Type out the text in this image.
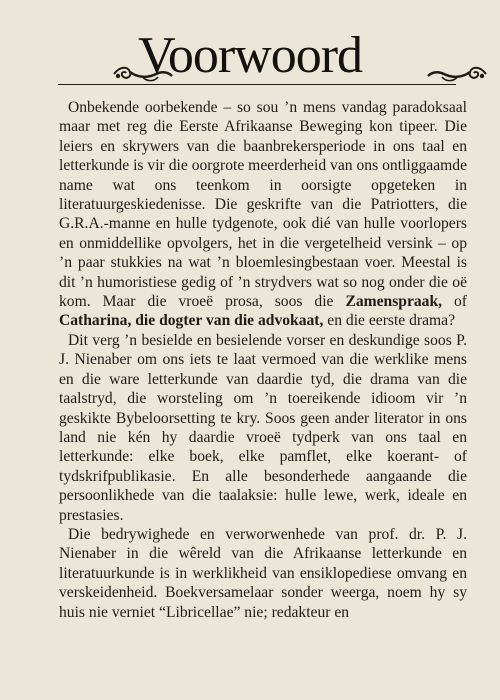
Voorwoord

Onbekende oorbekende – so sou ’n mens vandag paradoksaal maar met reg die Eerste Afrikaanse Beweging kon tipeer. Die leiers en skrywers van die baanbrekersperiode in ons taal en letterkunde is vir die oorgrote meerderheid van ons ontliggaamde name wat ons teenkom in oorsigte opgeteken in literatuurgeskiedenisse. Die geskrifte van die Patriotters, die G.R.A.-manne en hulle tydgenote, ook dié van hulle voorlopers en onmiddellike opvolgers, het in die vergetelheid versink – op ’n paar stukkies na wat ’n bloemlesingbestaan voer. Meestal is dit ’n humoristiese gedig of ’n strydvers wat so nog onder die oë kom. Maar die vroeë prosa, soos die Zamenspraak, of Catharina, die dogter van die advokaat, en die eerste drama?

Dit verg ’n besielde en besielende vorser en deskundige soos P. J. Nienaber om ons iets te laat vermoed van die werklike mens en die ware letterkunde van daardie tyd, die drama van die taalstryd, die worsteling om ’n toereikende idioom vir ’n geskikte Bybeloorsetting te kry. Soos geen ander literator in ons land nie kén hy daardie vroeë tydperk van ons taal en letterkunde: elke boek, elke pamflet, elke koerant- of tydskrifpublikasie. En alle besonderhede aangaande die persoonlikhede van die taalaksie: hulle lewe, werk, ideale en prestasies.

Die bedrywighede en verworwenhede van prof. dr. P. J. Nienaber in die wêreld van die Afrikaanse letterkunde en literatuurkunde is in werklikheid van ensiklopediese omvang en verskeidenheid. Boekversamelaar sonder weerga, noem hy sy huis nie verniet “Libricellae” nie; redakteur en
